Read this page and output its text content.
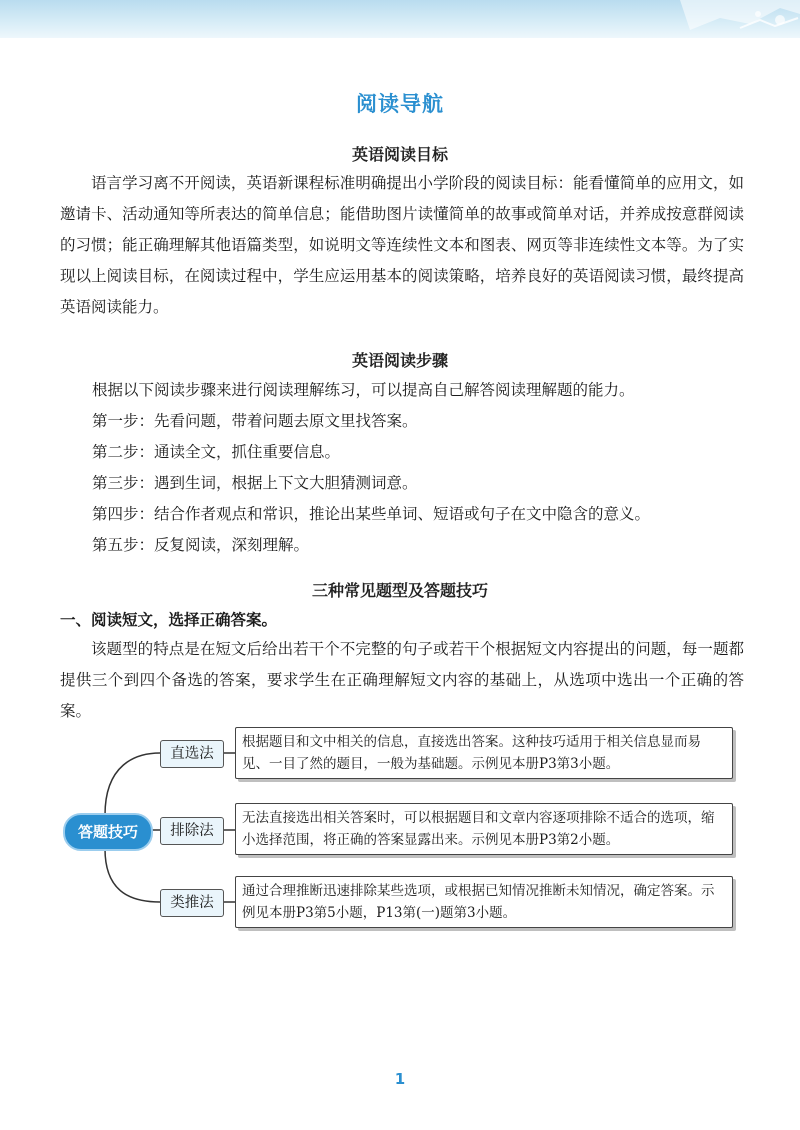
阅读导航
英语阅读目标

语言学习离不开阅读，英语新课程标准明确提出小学阶段的阅读目标：能看懂简单的应用文，如邀请卡、活动通知等所表达的简单信息；能借助图片读懂简单的故事或简单对话，并养成按意群阅读的习惯；能正确理解其他语篇类型，如说明文等连续性文本和图表、网页等非连续性文本等。为了实现以上阅读目标，在阅读过程中，学生应运用基本的阅读策略，培养良好的英语阅读习惯，最终提高英语阅读能力。

英语阅读步骤

根据以下阅读步骤来进行阅读理解练习，可以提高自己解答阅读理解题的能力。

第一步：先看问题，带着问题去原文里找答案。
第二步：通读全文，抓住重要信息。
第三步：遇到生词，根据上下文大胆猜测词意。
第四步：结合作者观点和常识，推论出某些单词、短语或句子在文中隐含的意义。
第五步：反复阅读，深刻理解。
三种常见题型及答题技巧
一、阅读短文，选择正确答案。

该题型的特点是在短文后给出若干个不完整的句子或若干个根据短文内容提出的问题，每一题都提供三个到四个备选的答案，要求学生在正确理解短文内容的基础上，从选项中选出一个正确的答案。

答题技巧
直选法
根据题目和文中相关的信息，直接选出答案。这种技巧适用于相关信息显而易见、一目了然的题目，一般为基础题。示例见本册P3第3小题。
排除法
无法直接选出相关答案时，可以根据题目和文章内容逐项排除不适合的选项，缩小选择范围，将正确的答案显露出来。示例见本册P3第2小题。
类推法
通过合理推断迅速排除某些选项，或根据已知情况推断未知情况，确定答案。示例见本册P3第5小题，P13第(一)题第3小题。
1
